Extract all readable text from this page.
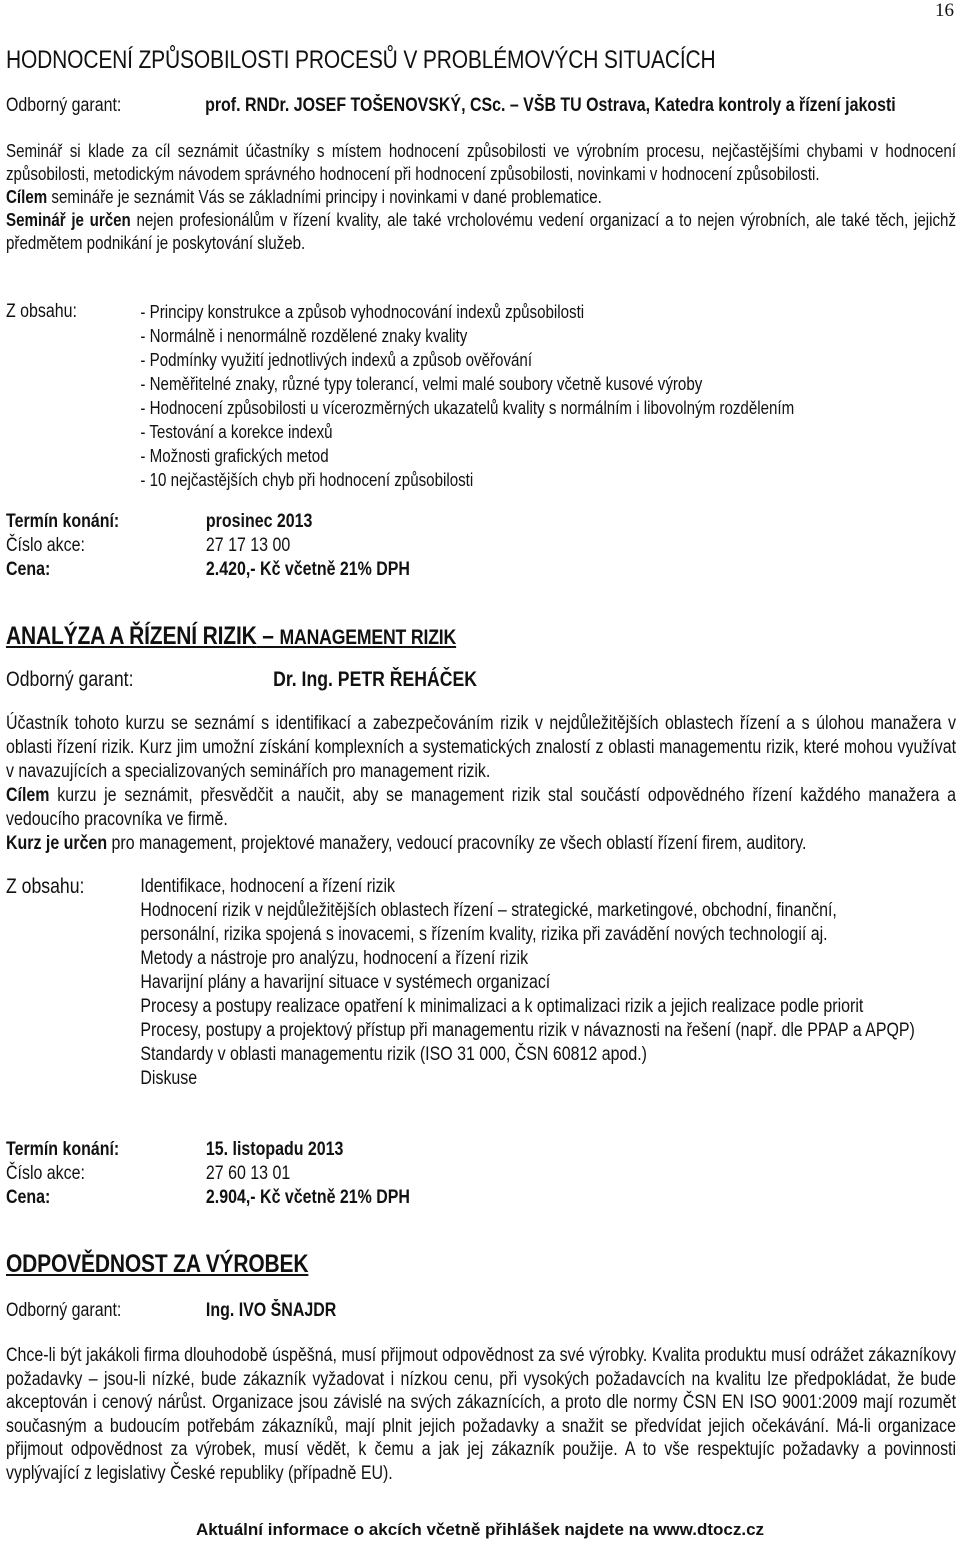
16
HODNOCENÍ ZPŮSOBILOSTI PROCESŮ V PROBLÉMOVÝCH SITUACÍCH
Odborný garant:	prof. RNDr. JOSEF TOŠENOVSKÝ, CSc. – VŠB TU Ostrava, Katedra kontroly a řízení jakosti
Seminář si klade za cíl seznámit účastníky s místem hodnocení způsobilosti ve výrobním procesu, nejčastějšími chybami v hodnocení způsobilosti, metodickým návodem správného hodnocení při hodnocení způsobilosti, novinkami v hodnocení způsobilosti.
Cílem semináře je seznámit Vás se základními principy i novinkami v dané problematice.
Seminář je určen nejen profesionálům v řízení kvality, ale také vrcholovému vedení organizací a to nejen výrobních, ale také těch, jejichž předmětem podnikání je poskytování služeb.
Z obsahu:	- Principy konstrukce a způsob vyhodnocování indexů způsobilosti
- Normálně i nenormálně rozdělené znaky kvality
- Podmínky využití jednotlivých indexů a způsob ověřování
- Neměřitelné znaky, různé typy tolerancí, velmi malé soubory včetně kusové výroby
- Hodnocení způsobilosti u vícerozměrných ukazatelů kvality s normálním i libovolným rozdělením
- Testování a korekce indexů
- Možnosti grafických metod
- 10 nejčastějších chyb při hodnocení způsobilosti
Termín konání:	prosinec 2013
Číslo akce:	27 17 13 00
Cena:	2.420,- Kč včetně 21% DPH
ANALÝZA A ŘÍZENÍ RIZIK – MANAGEMENT RIZIK
Odborný garant:	Dr. Ing. PETR ŘEHÁČEK
Účastník tohoto kurzu se seznámí s identifikací a zabezpečováním rizik v nejdůležitějších oblastech řízení a s úlohou manažera v oblasti řízení rizik. Kurz jim umožní získání komplexních a systematických znalostí z oblasti managementu rizik, které mohou využívat v navazujících a specializovaných seminářích pro management rizik.
Cílem kurzu je seznámit, přesvědčit a naučit, aby se management rizik stal součástí odpovědného řízení každého manažera a vedoucího pracovníka ve firmě.
Kurz je určen pro management, projektové manažery, vedoucí pracovníky ze všech oblastí řízení firem, auditory.
Z obsahu:	Identifikace, hodnocení a řízení rizik
Hodnocení rizik v nejdůležitějších oblastech řízení – strategické, marketingové, obchodní, finanční, personální, rizika spojená s inovacemi, s řízením kvality, rizika při zavádění nových technologií aj.
Metody a nástroje pro analýzu, hodnocení a řízení rizik
Havarijní plány a havarijní situace v systémech organizací
Procesy a postupy realizace opatření k minimalizaci a k optimalizaci rizik a jejich realizace podle priorit
Procesy, postupy a projektový přístup při managementu rizik v návaznosti na řešení (např. dle PPAP a APQP)
Standardy v oblasti managementu rizik (ISO 31 000, ČSN 60812 apod.)
Diskuse
Termín konání:	15. listopadu 2013
Číslo akce:	27 60 13 01
Cena:	2.904,- Kč včetně 21% DPH
ODPOVĚDNOST ZA VÝROBEK
Odborný garant:	Ing. IVO ŠNAJDR
Chce-li být jakákoli firma dlouhodobě úspěšná, musí přijmout odpovědnost za své výrobky. Kvalita produktu musí odrážet zákazníkovy požadavky – jsou-li nízké, bude zákazník vyžadovat i nízkou cenu, při vysokých požadavcích na kvalitu lze předpokládat, že bude akceptován i cenový nárůst. Organizace jsou závislé na svých zákaznících, a proto dle normy ČSN EN ISO 9001:2009 mají rozumět současným a budoucím potřebám zákazníků, mají plnit jejich požadavky a snažit se předvídat jejich očekávání. Má-li organizace přijmout odpovědnost za výrobek, musí vědět, k čemu a jak jej zákazník použije. A to vše respektujíc požadavky a povinnosti vyplývající z legislativy České republiky (případně EU).
Aktuální informace o akcích včetně přihlášek najdete na www.dtocz.cz
